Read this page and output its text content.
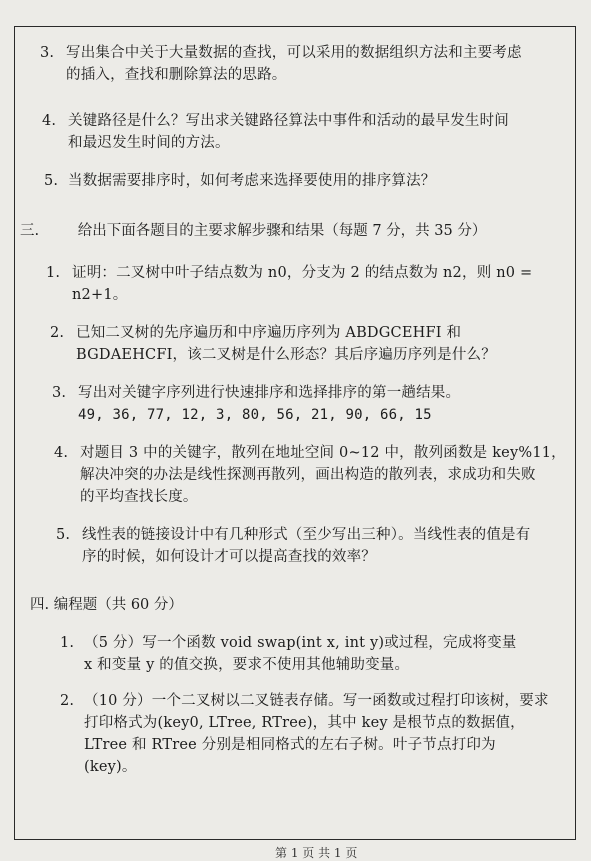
3. 写出集合中关于大量数据的查找，可以采用的数据组织方法和主要考虑
的插入，查找和删除算法的思路。
4. 关键路径是什么？写出求关键路径算法中事件和活动的最早发生时间
和最迟发生时间的方法。
5. 当数据需要排序时，如何考虑来选择要使用的排序算法？
三.	给出下面各题目的主要求解步骤和结果（每题 7 分，共 35 分）
1. 证明：二叉树中叶子结点数为 n0，分支为 2 的结点数为 n2，则 n0 =
n2+1。
2. 已知二叉树的先序遍历和中序遍历序列为 ABDGCEHFI 和
BGDAEHCFI，该二叉树是什么形态？其后序遍历序列是什么？
3. 写出对关键字序列进行快速排序和选择排序的第一趟结果。
49, 36, 77, 12, 3, 80, 56, 21, 90, 66, 15
4. 对题目 3 中的关键字，散列在地址空间 0~12 中，散列函数是 key%11，
解决冲突的办法是线性探测再散列，画出构造的散列表，求成功和失败
的平均查找长度。
5. 线性表的链接设计中有几种形式（至少写出三种）。当线性表的值是有
序的时候，如何设计才可以提高查找的效率？
四. 编程题（共 60 分）
1. （5 分）写一个函数 void swap(int x, int y)或过程，完成将变量
x 和变量 y 的值交换，要求不使用其他辅助变量。
2. （10 分）一个二叉树以二叉链表存储。写一函数或过程打印该树，要求
打印格式为(key0, LTree, RTree)，其中 key 是根节点的数据值，
LTree 和 RTree 分别是相同格式的左右子树。叶子节点打印为
(key)。
第 1 页 共 1 页
